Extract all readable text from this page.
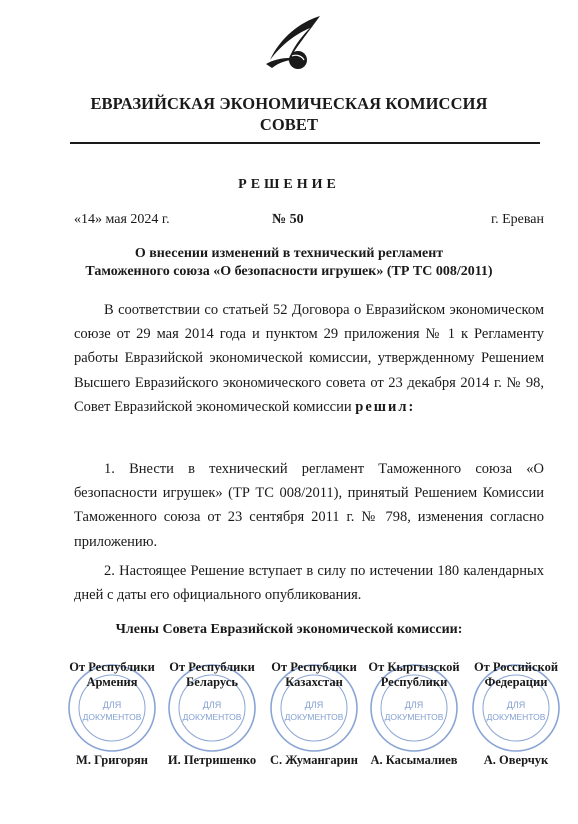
ЕВРАЗИЙСКАЯ ЭКОНОМИЧЕСКАЯ КОМИССИЯ
СОВЕТ
РЕШЕНИЕ
«14» мая 2024 г.	№ 50	г. Ереван
О внесении изменений в технический регламент
Таможенного союза «О безопасности игрушек» (ТР ТС 008/2011)

В соответствии со статьей 52 Договора о Евразийском экономическом союзе от 29 мая 2014 года и пунктом 29 приложения № 1 к Регламенту работы Евразийской экономической комиссии, утвержденному Решением Высшего Евразийского экономического совета от 23 декабря 2014 г. № 98, Совет Евразийской экономической комиссии решил:

1. Внести в технический регламент Таможенного союза «О безопасности игрушек» (ТР ТС 008/2011), принятый Решением Комиссии Таможенного союза от 23 сентября 2011 г. № 798, изменения согласно приложению.

2. Настоящее Решение вступает в силу по истечении 180 календарных дней с даты его официального опубликования.

Члены Совета Евразийской экономической комиссии:
От Республики
Армения
ДЛЯ
ДОКУМЕНТОВ
М. Григорян
От Республики
Беларусь
ДЛЯ
ДОКУМЕНТОВ
И. Петришенко
От Республики
Казахстан
ДЛЯ
ДОКУМЕНТОВ
С. Жумангарин
От Кыргызской
Республики
ДЛЯ
ДОКУМЕНТОВ
А. Касымалиев
От Российской
Федерации
ДЛЯ
ДОКУМЕНТОВ
А. Оверчук
